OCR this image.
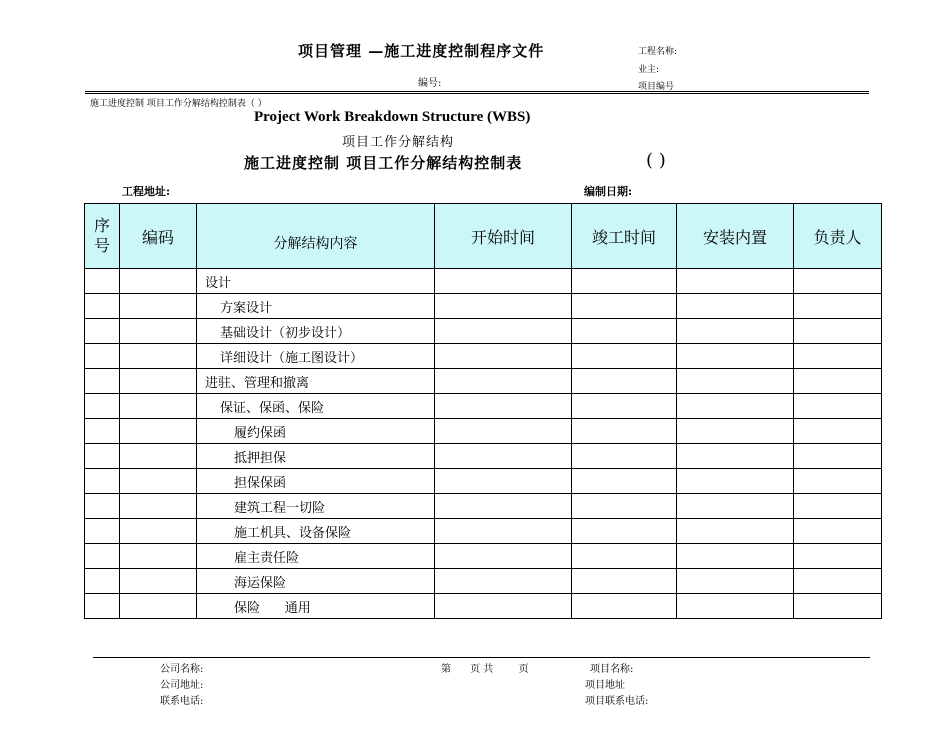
项目管理 —施工进度控制程序文件
编号:
工程名称:
业主:
项目编号
施工进度控制 项目工作分解结构控制表（ ）
Project Work Breakdown Structure (WBS)
项目工作分解结构
施工进度控制 项目工作分解结构控制表	( )
工程地址:	编制日期:
序
号	编码	分解结构内容	开始时间	竣工时间	安装内置	负责人
		设计				
		方案设计				
		基础设计（初步设计）				
		详细设计（施工图设计）				
		进驻、管理和撤离				
		保证、保函、保险				
		履约保函				
		抵押担保				
		担保保函				
		建筑工程一切险				
		施工机具、设备保险				
		雇主责任险				
		海运保险				
		保险      通用				
公司名称:
公司地址:
联系电话:
第      页 共        页	项目名称:
项目地址
项目联系电话:
